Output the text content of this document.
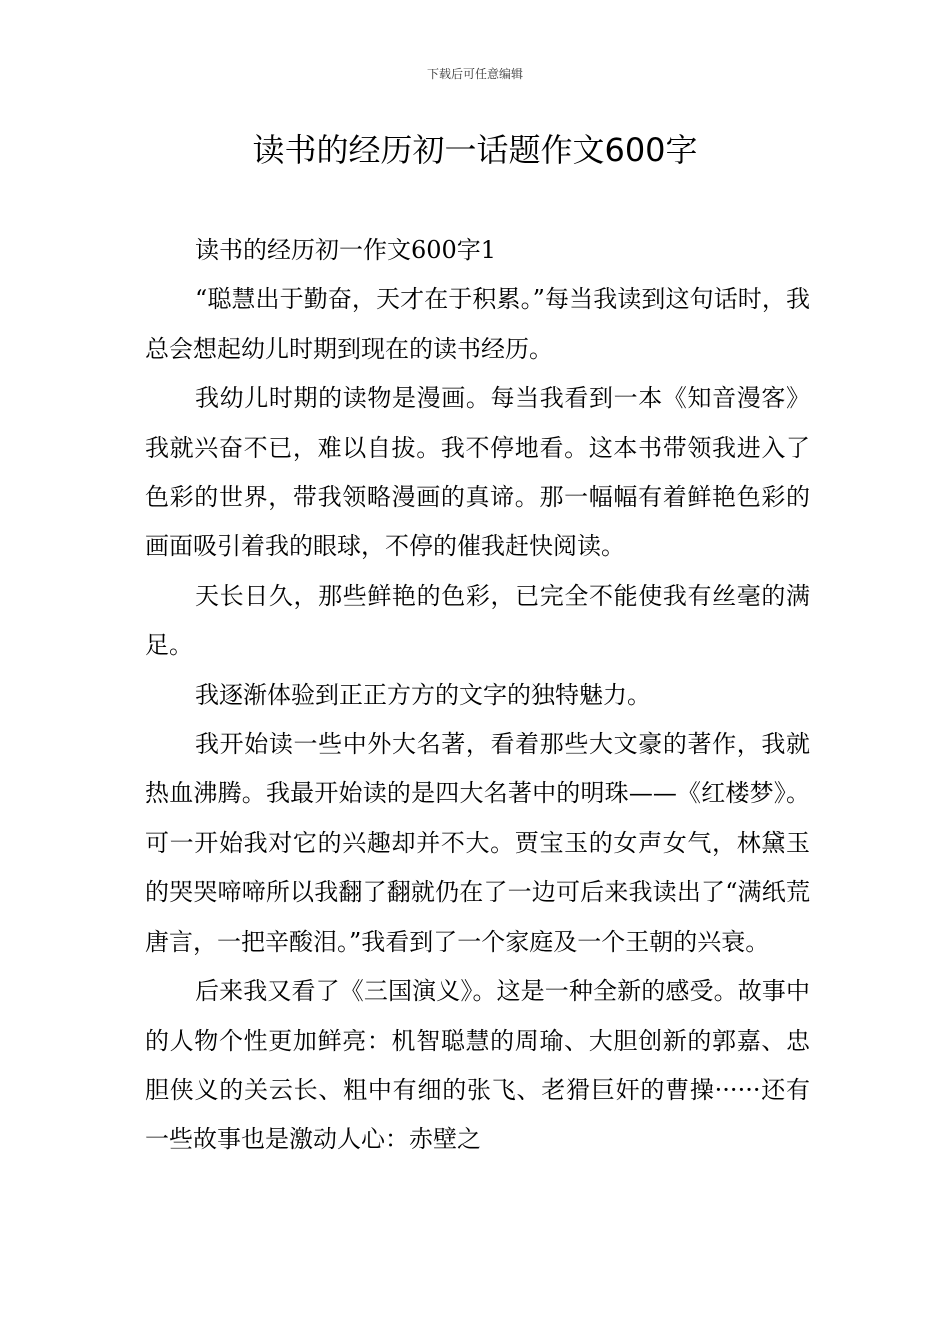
下载后可任意编辑
读书的经历初一话题作文600字

读书的经历初一作文600字1

“聪慧出于勤奋，天才在于积累。”每当我读到这句话时，我总会想起幼儿时期到现在的读书经历。

我幼儿时期的读物是漫画。每当我看到一本《知音漫客》我就兴奋不已，难以自拔。我不停地看。这本书带领我进入了色彩的世界，带我领略漫画的真谛。那一幅幅有着鲜艳色彩的画面吸引着我的眼球，不停的催我赶快阅读。

天长日久，那些鲜艳的色彩，已完全不能使我有丝毫的满足。

我逐渐体验到正正方方的文字的独特魅力。

我开始读一些中外大名著，看着那些大文豪的著作，我就热血沸腾。我最开始读的是四大名著中的明珠——《红楼梦》。可一开始我对它的兴趣却并不大。贾宝玉的女声女气，林黛玉的哭哭啼啼所以我翻了翻就仍在了一边可后来我读出了“满纸荒唐言，一把辛酸泪。”我看到了一个家庭及一个王朝的兴衰。

后来我又看了《三国演义》。这是一种全新的感受。故事中的人物个性更加鲜亮：机智聪慧的周瑜、大胆创新的郭嘉、忠胆侠义的关云长、粗中有细的张飞、老猾巨奸的曹操······还有一些故事也是激动人心：赤壁之
